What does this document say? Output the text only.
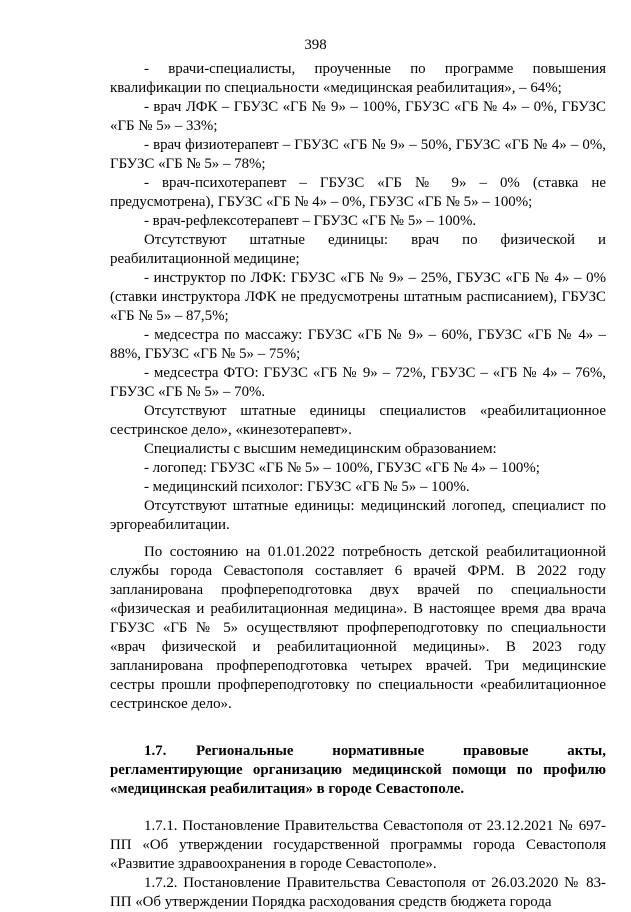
398
- врачи-специалисты, проученные по программе повышения квалификации по специальности «медицинская реабилитация», – 64%;
- врач ЛФК – ГБУЗС «ГБ № 9» – 100%, ГБУЗС «ГБ № 4» – 0%, ГБУЗС «ГБ № 5» – 33%;
- врач физиотерапевт – ГБУЗС «ГБ № 9» – 50%, ГБУЗС «ГБ № 4» – 0%, ГБУЗС «ГБ № 5» – 78%;
- врач-психотерапевт – ГБУЗС «ГБ № 9» – 0% (ставка не предусмотрена), ГБУЗС «ГБ № 4» – 0%, ГБУЗС «ГБ № 5» – 100%;
- врач-рефлексотерапевт – ГБУЗС «ГБ № 5» – 100%.
Отсутствуют штатные единицы: врач по физической и реабилитационной медицине;
- инструктор по ЛФК: ГБУЗС «ГБ № 9» – 25%, ГБУЗС «ГБ № 4» – 0% (ставки инструктора ЛФК не предусмотрены штатным расписанием), ГБУЗС «ГБ № 5» – 87,5%;
- медсестра по массажу: ГБУЗС «ГБ № 9» – 60%, ГБУЗС «ГБ № 4» – 88%, ГБУЗС «ГБ № 5» – 75%;
- медсестра ФТО: ГБУЗС «ГБ № 9» – 72%, ГБУЗС – «ГБ № 4» – 76%, ГБУЗС «ГБ № 5» – 70%.
Отсутствуют штатные единицы специалистов «реабилитационное сестринское дело», «кинезотерапевт».
Специалисты с высшим немедицинским образованием:
- логопед: ГБУЗС «ГБ № 5» – 100%, ГБУЗС «ГБ № 4» – 100%;
- медицинский психолог: ГБУЗС «ГБ № 5» – 100%.
Отсутствуют штатные единицы: медицинский логопед, специалист по эргореабилитации.
По состоянию на 01.01.2022 потребность детской реабилитационной службы города Севастополя составляет 6 врачей ФРМ. В 2022 году запланирована профпереподготовка двух врачей по специальности «физическая и реабилитационная медицина». В настоящее время два врача ГБУЗС «ГБ № 5» осуществляют профпереподготовку по специальности «врач физической и реабилитационной медицины». В 2023 году запланирована профпереподготовка четырех врачей. Три медицинские сестры прошли профпереподготовку по специальности «реабилитационное сестринское дело».
1.7. Региональные нормативные правовые акты, регламентирующие организацию медицинской помощи по профилю «медицинская реабилитация» в городе Севастополе.
1.7.1. Постановление Правительства Севастополя от 23.12.2021 № 697-ПП «Об утверждении государственной программы города Севастополя «Развитие здравоохранения в городе Севастополе».
1.7.2. Постановление Правительства Севастополя от 26.03.2020 № 83-ПП «Об утверждении Порядка расходования средств бюджета города
